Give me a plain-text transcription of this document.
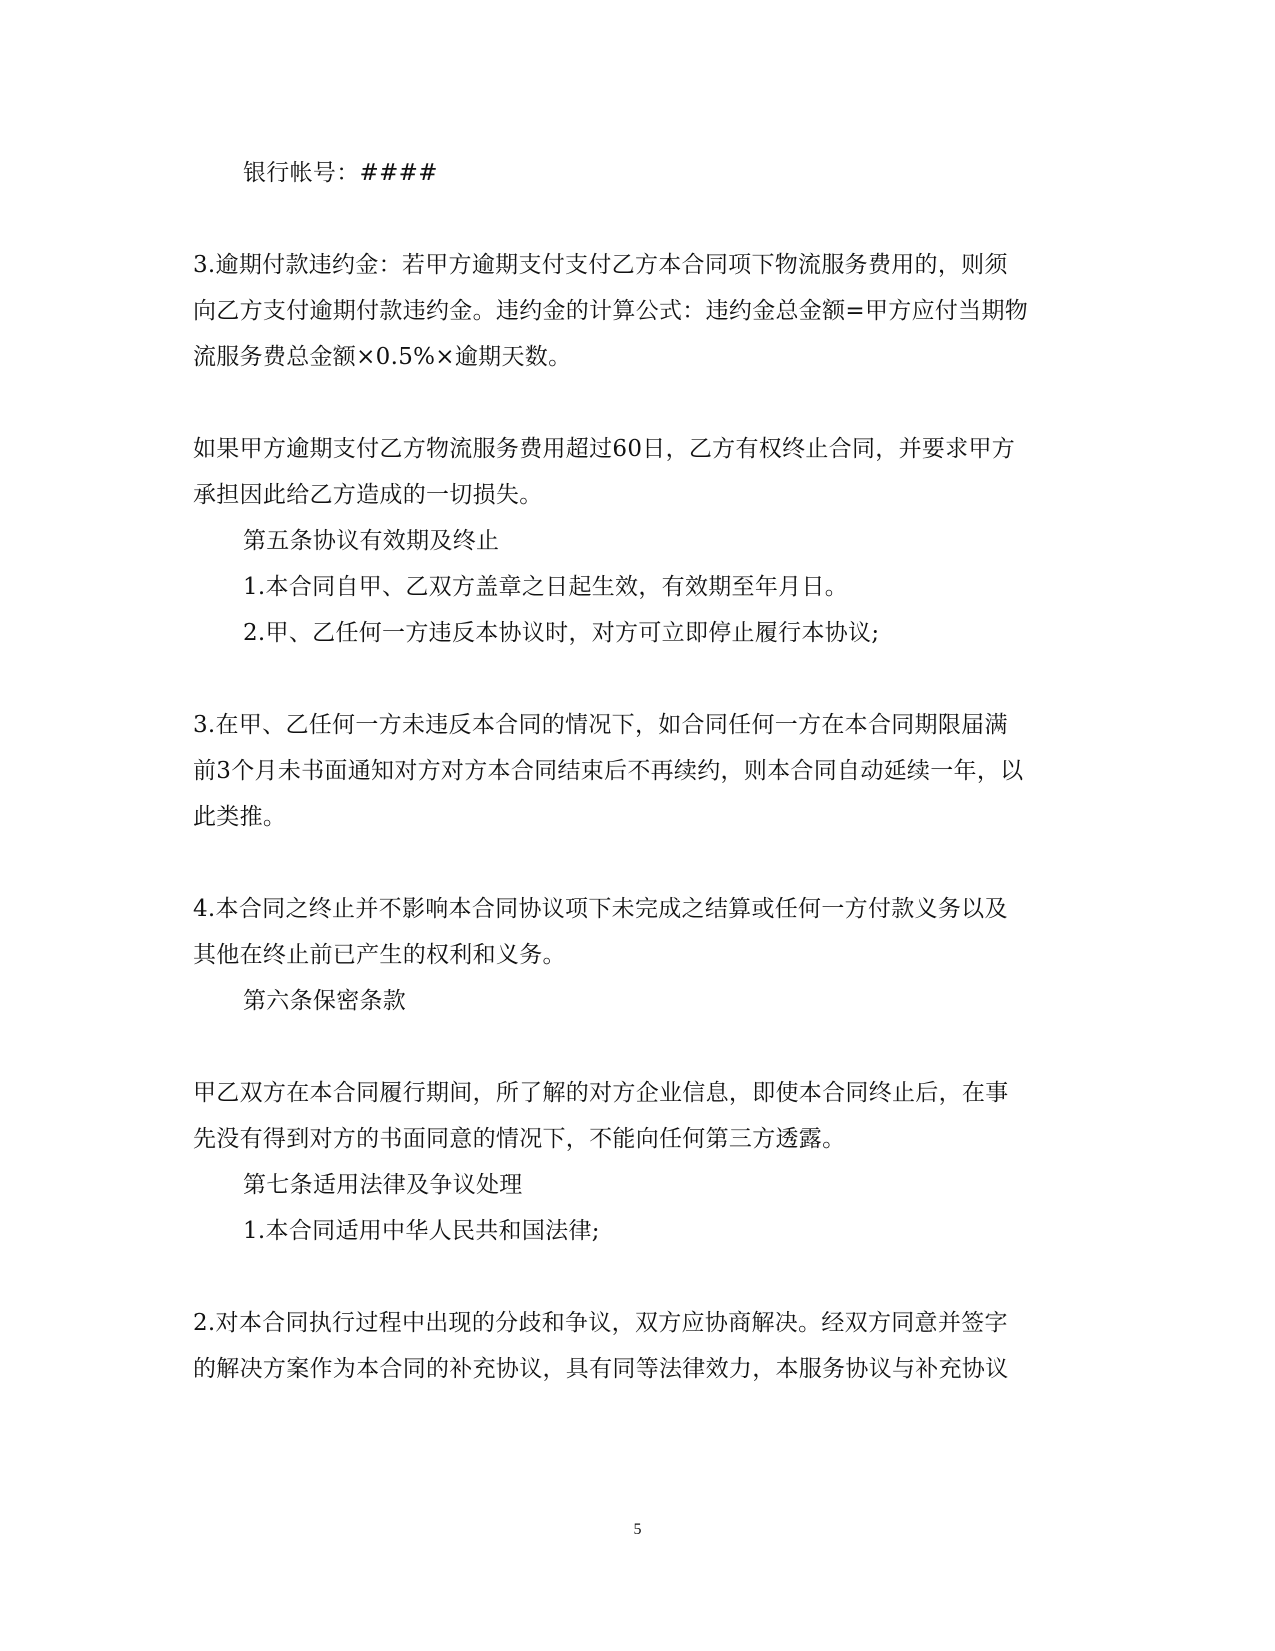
银行帐号：####
3.逾期付款违约金：若甲方逾期支付支付乙方本合同项下物流服务费用的，则须
向乙方支付逾期付款违约金。违约金的计算公式：违约金总金额=甲方应付当期物
流服务费总金额×0.5%×逾期天数。
如果甲方逾期支付乙方物流服务费用超过60日，乙方有权终止合同，并要求甲方
承担因此给乙方造成的一切损失。
第五条协议有效期及终止
1.本合同自甲、乙双方盖章之日起生效，有效期至年月日。
2.甲、乙任何一方违反本协议时，对方可立即停止履行本协议;
3.在甲、乙任何一方未违反本合同的情况下，如合同任何一方在本合同期限届满
前3个月未书面通知对方对方本合同结束后不再续约，则本合同自动延续一年，以
此类推。
4.本合同之终止并不影响本合同协议项下未完成之结算或任何一方付款义务以及
其他在终止前已产生的权利和义务。
第六条保密条款
甲乙双方在本合同履行期间，所了解的对方企业信息，即使本合同终止后，在事
先没有得到对方的书面同意的情况下，不能向任何第三方透露。
第七条适用法律及争议处理
1.本合同适用中华人民共和国法律;
2.对本合同执行过程中出现的分歧和争议，双方应协商解决。经双方同意并签字
的解决方案作为本合同的补充协议，具有同等法律效力，本服务协议与补充协议
5
